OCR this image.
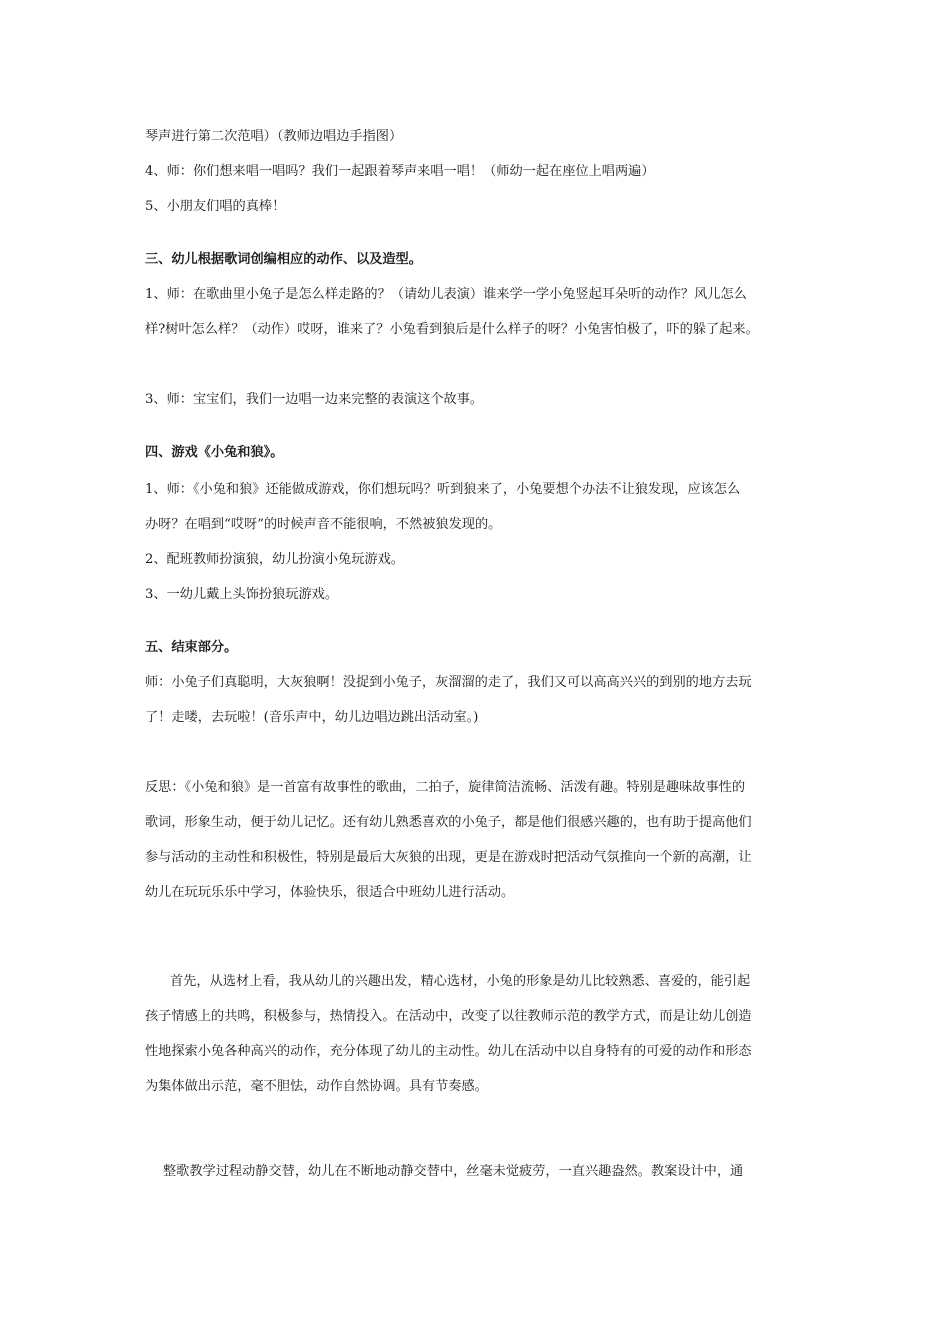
琴声进行第二次范唱）（教师边唱边手指图）
4、师：你们想来唱一唱吗？我们一起跟着琴声来唱一唱！（师幼一起在座位上唱两遍）
5、小朋友们唱的真棒！
三、幼儿根据歌词创编相应的动作、以及造型。
1、师：在歌曲里小兔子是怎么样走路的？（请幼儿表演）谁来学一学小兔竖起耳朵听的动作？风儿怎么
样?树叶怎么样？（动作）哎呀，谁来了？小兔看到狼后是什么样子的呀？小兔害怕极了，吓的躲了起来。
3、师：宝宝们，我们一边唱一边来完整的表演这个故事。
四、游戏《小兔和狼》。
1、师：《小兔和狼》还能做成游戏，你们想玩吗？听到狼来了，小兔要想个办法不让狼发现，应该怎么
办呀？在唱到“哎呀”的时候声音不能很响，不然被狼发现的。
2、配班教师扮演狼，幼儿扮演小兔玩游戏。
3、一幼儿戴上头饰扮狼玩游戏。
五、结束部分。
师：小兔子们真聪明，大灰狼啊！没捉到小兔子，灰溜溜的走了，我们又可以高高兴兴的到别的地方去玩
了！走喽，去玩啦！(音乐声中，幼儿边唱边跳出活动室。)
反思：《小兔和狼》是一首富有故事性的歌曲，二拍子，旋律简洁流畅、活泼有趣。特别是趣味故事性的
歌词，形象生动，便于幼儿记忆。还有幼儿熟悉喜欢的小兔子，都是他们很感兴趣的，也有助于提高他们
参与活动的主动性和积极性，特别是最后大灰狼的出现，更是在游戏时把活动气氛推向一个新的高潮，让
幼儿在玩玩乐乐中学习，体验快乐，很适合中班幼儿进行活动。
首先，从选材上看，我从幼儿的兴趣出发，精心选材，小兔的形象是幼儿比较熟悉、喜爱的，能引起
孩子情感上的共鸣，积极参与，热情投入。在活动中，改变了以往教师示范的教学方式，而是让幼儿创造
性地探索小兔各种高兴的动作，充分体现了幼儿的主动性。幼儿在活动中以自身特有的可爱的动作和形态
为集体做出示范，毫不胆怯，动作自然协调。具有节奏感。
整歌教学过程动静交替，幼儿在不断地动静交替中，丝毫未觉疲劳，一直兴趣盎然。教案设计中，通
